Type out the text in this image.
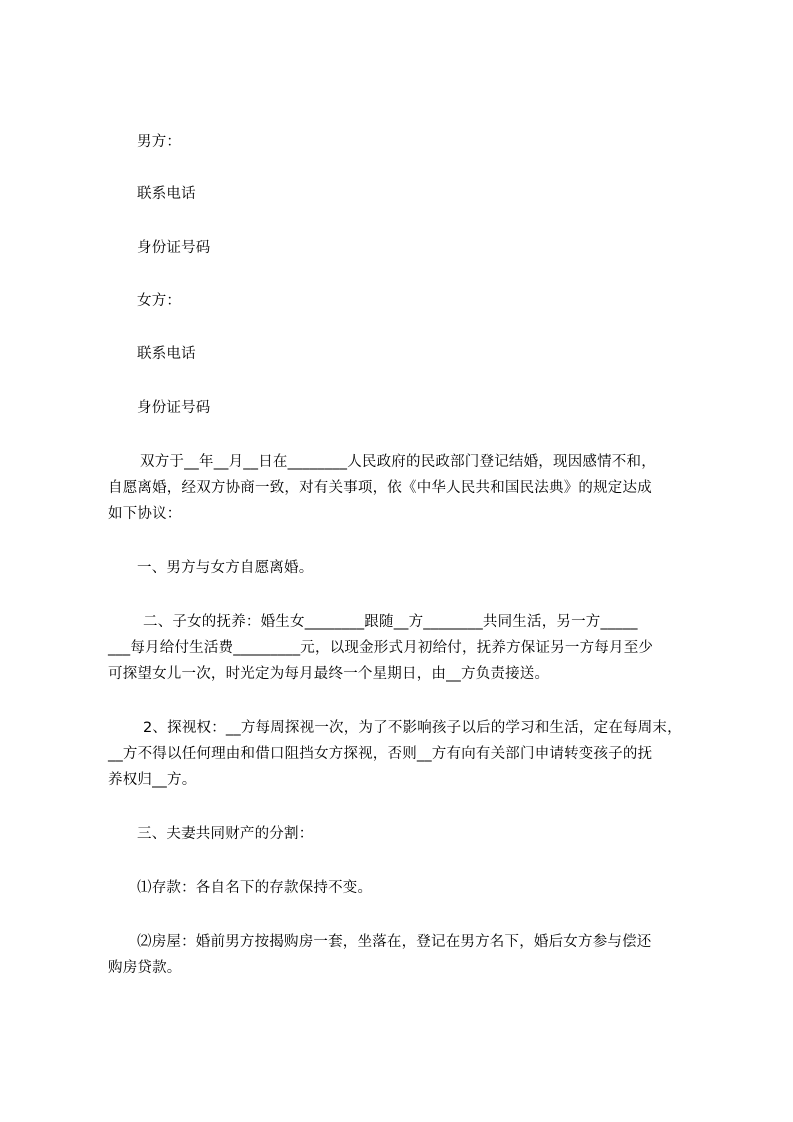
男方：
联系电话
身份证号码
女方：
联系电话
身份证号码
双方于__年__月__日在________人民政府的民政部门登记结婚，现因感情不和，
自愿离婚，经双方协商一致，对有关事项，依《中华人民共和国民法典》的规定达成
如下协议：
一、男方与女方自愿离婚。
二、子女的抚养：婚生女________跟随__方________共同生活，另一方_____
___每月给付生活费_________元，以现金形式月初给付，抚养方保证另一方每月至少
可探望女儿一次，时光定为每月最终一个星期日，由__方负责接送。
2、探视权：__方每周探视一次，为了不影响孩子以后的学习和生活，定在每周末，
__方不得以任何理由和借口阻挡女方探视，否则__方有向有关部门申请转变孩子的抚
养权归__方。
三、夫妻共同财产的分割：
⑴存款：各自名下的存款保持不变。
⑵房屋：婚前男方按揭购房一套，坐落在，登记在男方名下，婚后女方参与偿还
购房贷款。
